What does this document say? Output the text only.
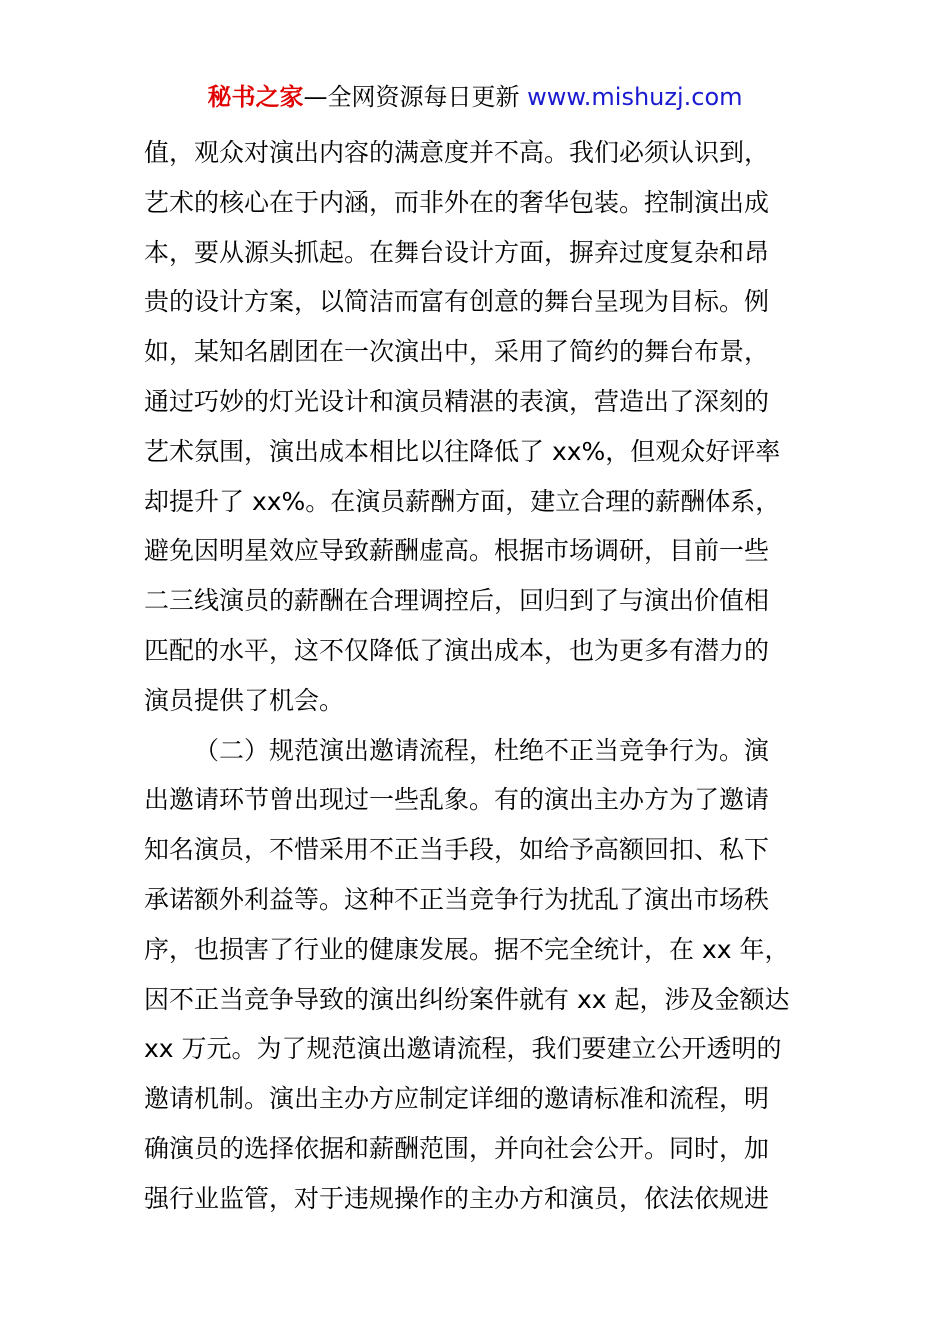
秘书之家—全网资源每日更新 www.mishuzj.com
值，观众对演出内容的满意度并不高。我们必须认识到，
艺术的核心在于内涵，而非外在的奢华包装。控制演出成
本，要从源头抓起。在舞台设计方面，摒弃过度复杂和昂
贵的设计方案，以简洁而富有创意的舞台呈现为目标。例
如，某知名剧团在一次演出中，采用了简约的舞台布景，
通过巧妙的灯光设计和演员精湛的表演，营造出了深刻的
艺术氛围，演出成本相比以往降低了 xx%，但观众好评率
却提升了 xx%。在演员薪酬方面，建立合理的薪酬体系，
避免因明星效应导致薪酬虚高。根据市场调研，目前一些
二三线演员的薪酬在合理调控后，回归到了与演出价值相
匹配的水平，这不仅降低了演出成本，也为更多有潜力的
演员提供了机会。
（二）规范演出邀请流程，杜绝不正当竞争行为。演
出邀请环节曾出现过一些乱象。有的演出主办方为了邀请
知名演员，不惜采用不正当手段，如给予高额回扣、私下
承诺额外利益等。这种不正当竞争行为扰乱了演出市场秩
序，也损害了行业的健康发展。据不完全统计，在 xx 年，
因不正当竞争导致的演出纠纷案件就有 xx 起，涉及金额达
xx 万元。为了规范演出邀请流程，我们要建立公开透明的
邀请机制。演出主办方应制定详细的邀请标准和流程，明
确演员的选择依据和薪酬范围，并向社会公开。同时，加
强行业监管，对于违规操作的主办方和演员，依法依规进
